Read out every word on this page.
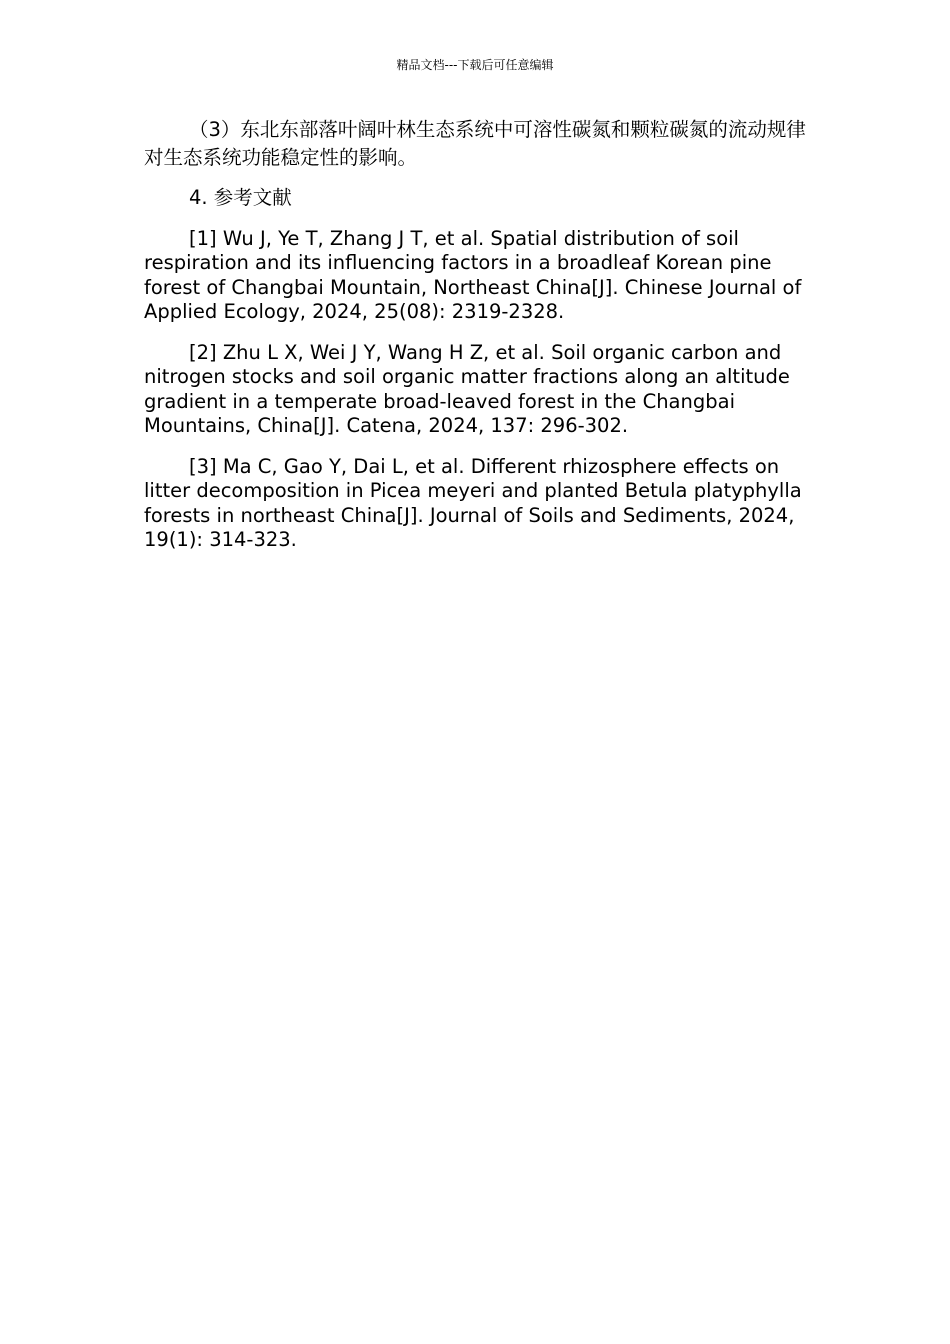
精品文档---下载后可任意编辑

（3）东北东部落叶阔叶林生态系统中可溶性碳氮和颗粒碳氮的流动规律对生态系统功能稳定性的影响。

4. 参考文献

[1] Wu J, Ye T, Zhang J T, et al. Spatial distribution of soil respiration and its influencing factors in a broadleaf Korean pine forest of Changbai Mountain, Northeast China[J]. Chinese Journal of Applied Ecology, 2024, 25(08): 2319-2328.

[2] Zhu L X, Wei J Y, Wang H Z, et al. Soil organic carbon and nitrogen stocks and soil organic matter fractions along an altitude gradient in a temperate broad-leaved forest in the Changbai Mountains, China[J]. Catena, 2024, 137: 296-302.

[3] Ma C, Gao Y, Dai L, et al. Different rhizosphere effects on litter decomposition in Picea meyeri and planted Betula platyphylla forests in northeast China[J]. Journal of Soils and Sediments, 2024, 19(1): 314-323.
